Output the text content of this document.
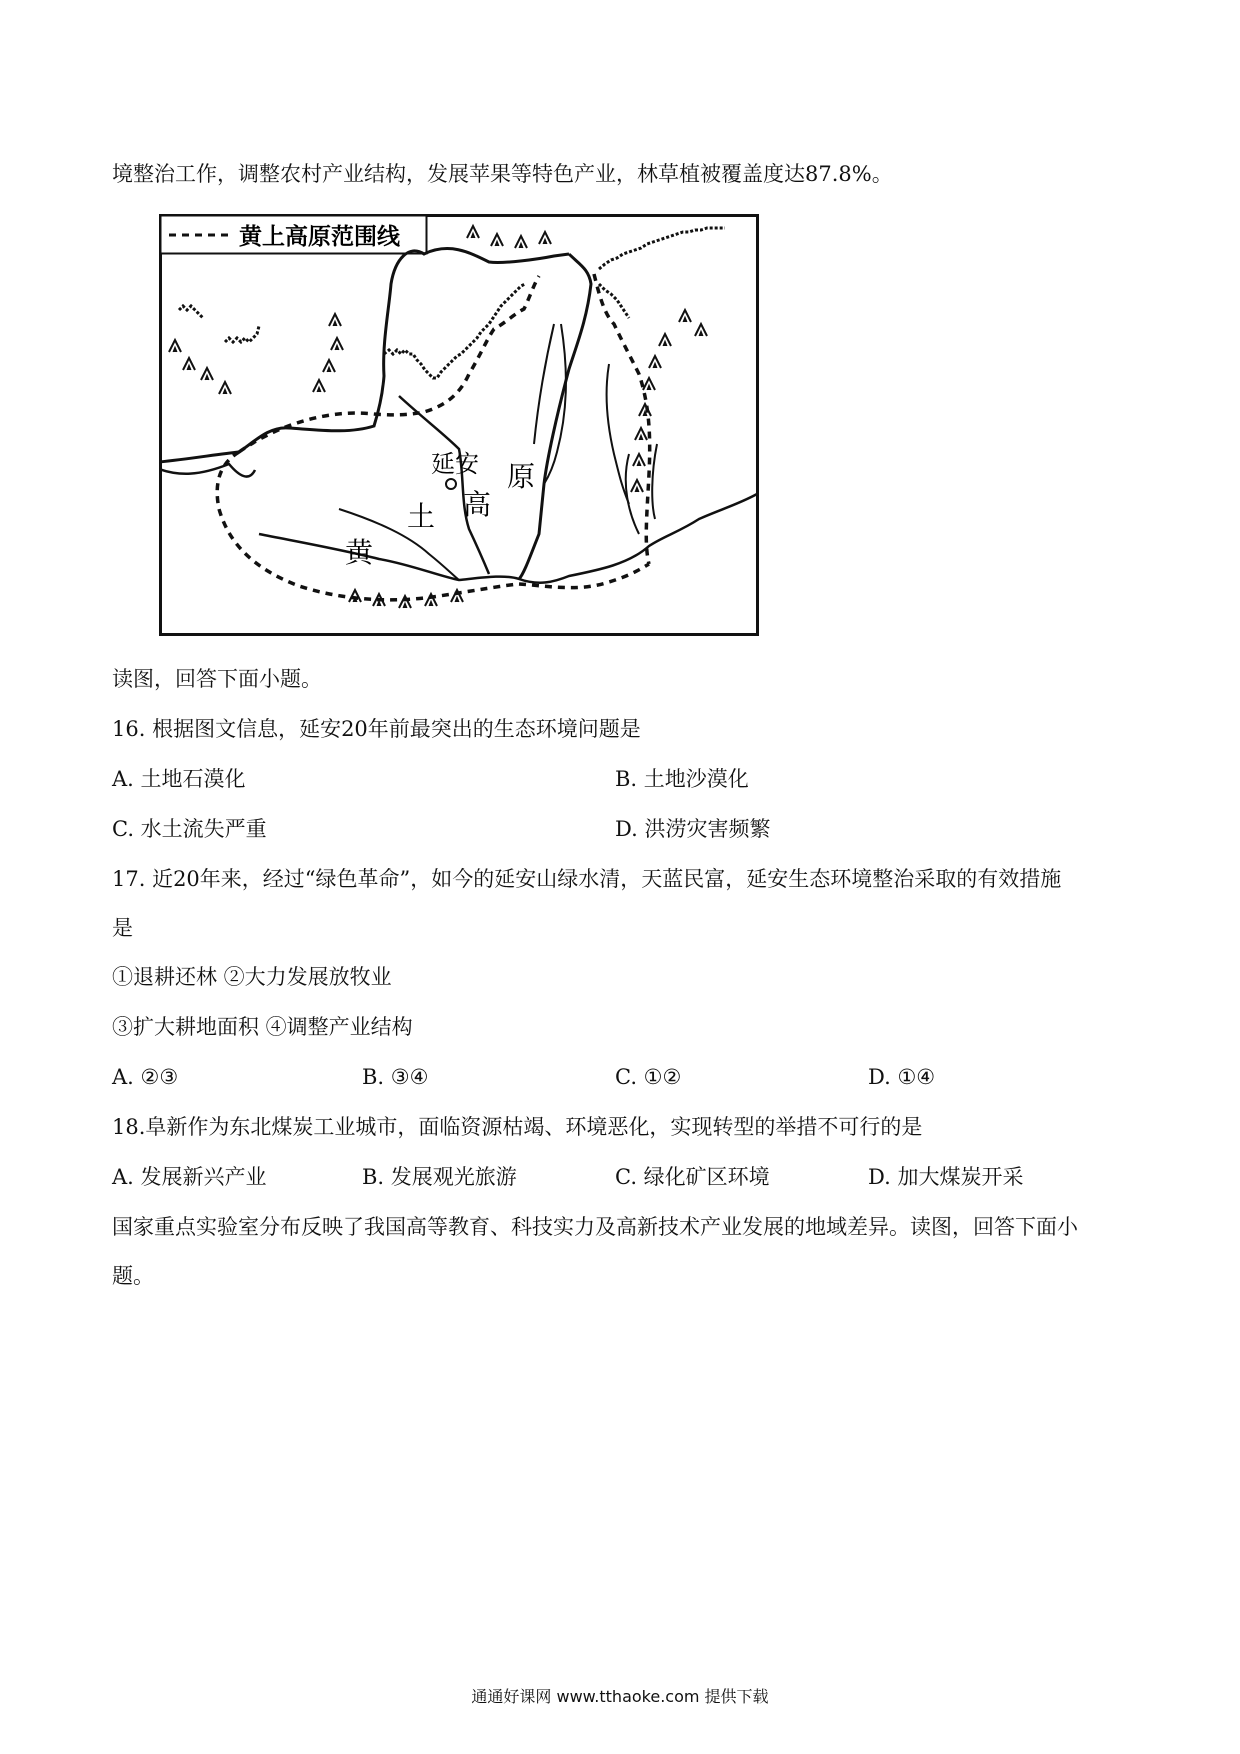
境整治工作，调整农村产业结构，发展苹果等特色产业，林草植被覆盖度达87.8%。
黄上高原范围线
延安
黄
土 高
原
读图，回答下面小题。
16. 根据图文信息，延安20年前最突出的生态环境问题是
A. 土地石漠化	B. 土地沙漠化
C. 水土流失严重	D. 洪涝灾害频繁
17. 近20年来，经过“绿色革命”，如今的延安山绿水清，天蓝民富，延安生态环境整治采取的有效措施
是
①退耕还林 ②大力发展放牧业
③扩大耕地面积 ④调整产业结构
A. ②③	B. ③④	C. ①②	D. ①④
18.阜新作为东北煤炭工业城市，面临资源枯竭、环境恶化，实现转型的举措不可行的是
A. 发展新兴产业	B. 发展观光旅游	C. 绿化矿区环境	D. 加大煤炭开采
国家重点实验室分布反映了我国高等教育、科技实力及高新技术产业发展的地域差异。读图，回答下面小
题。
通通好课网 www.tthaoke.com 提供下载
